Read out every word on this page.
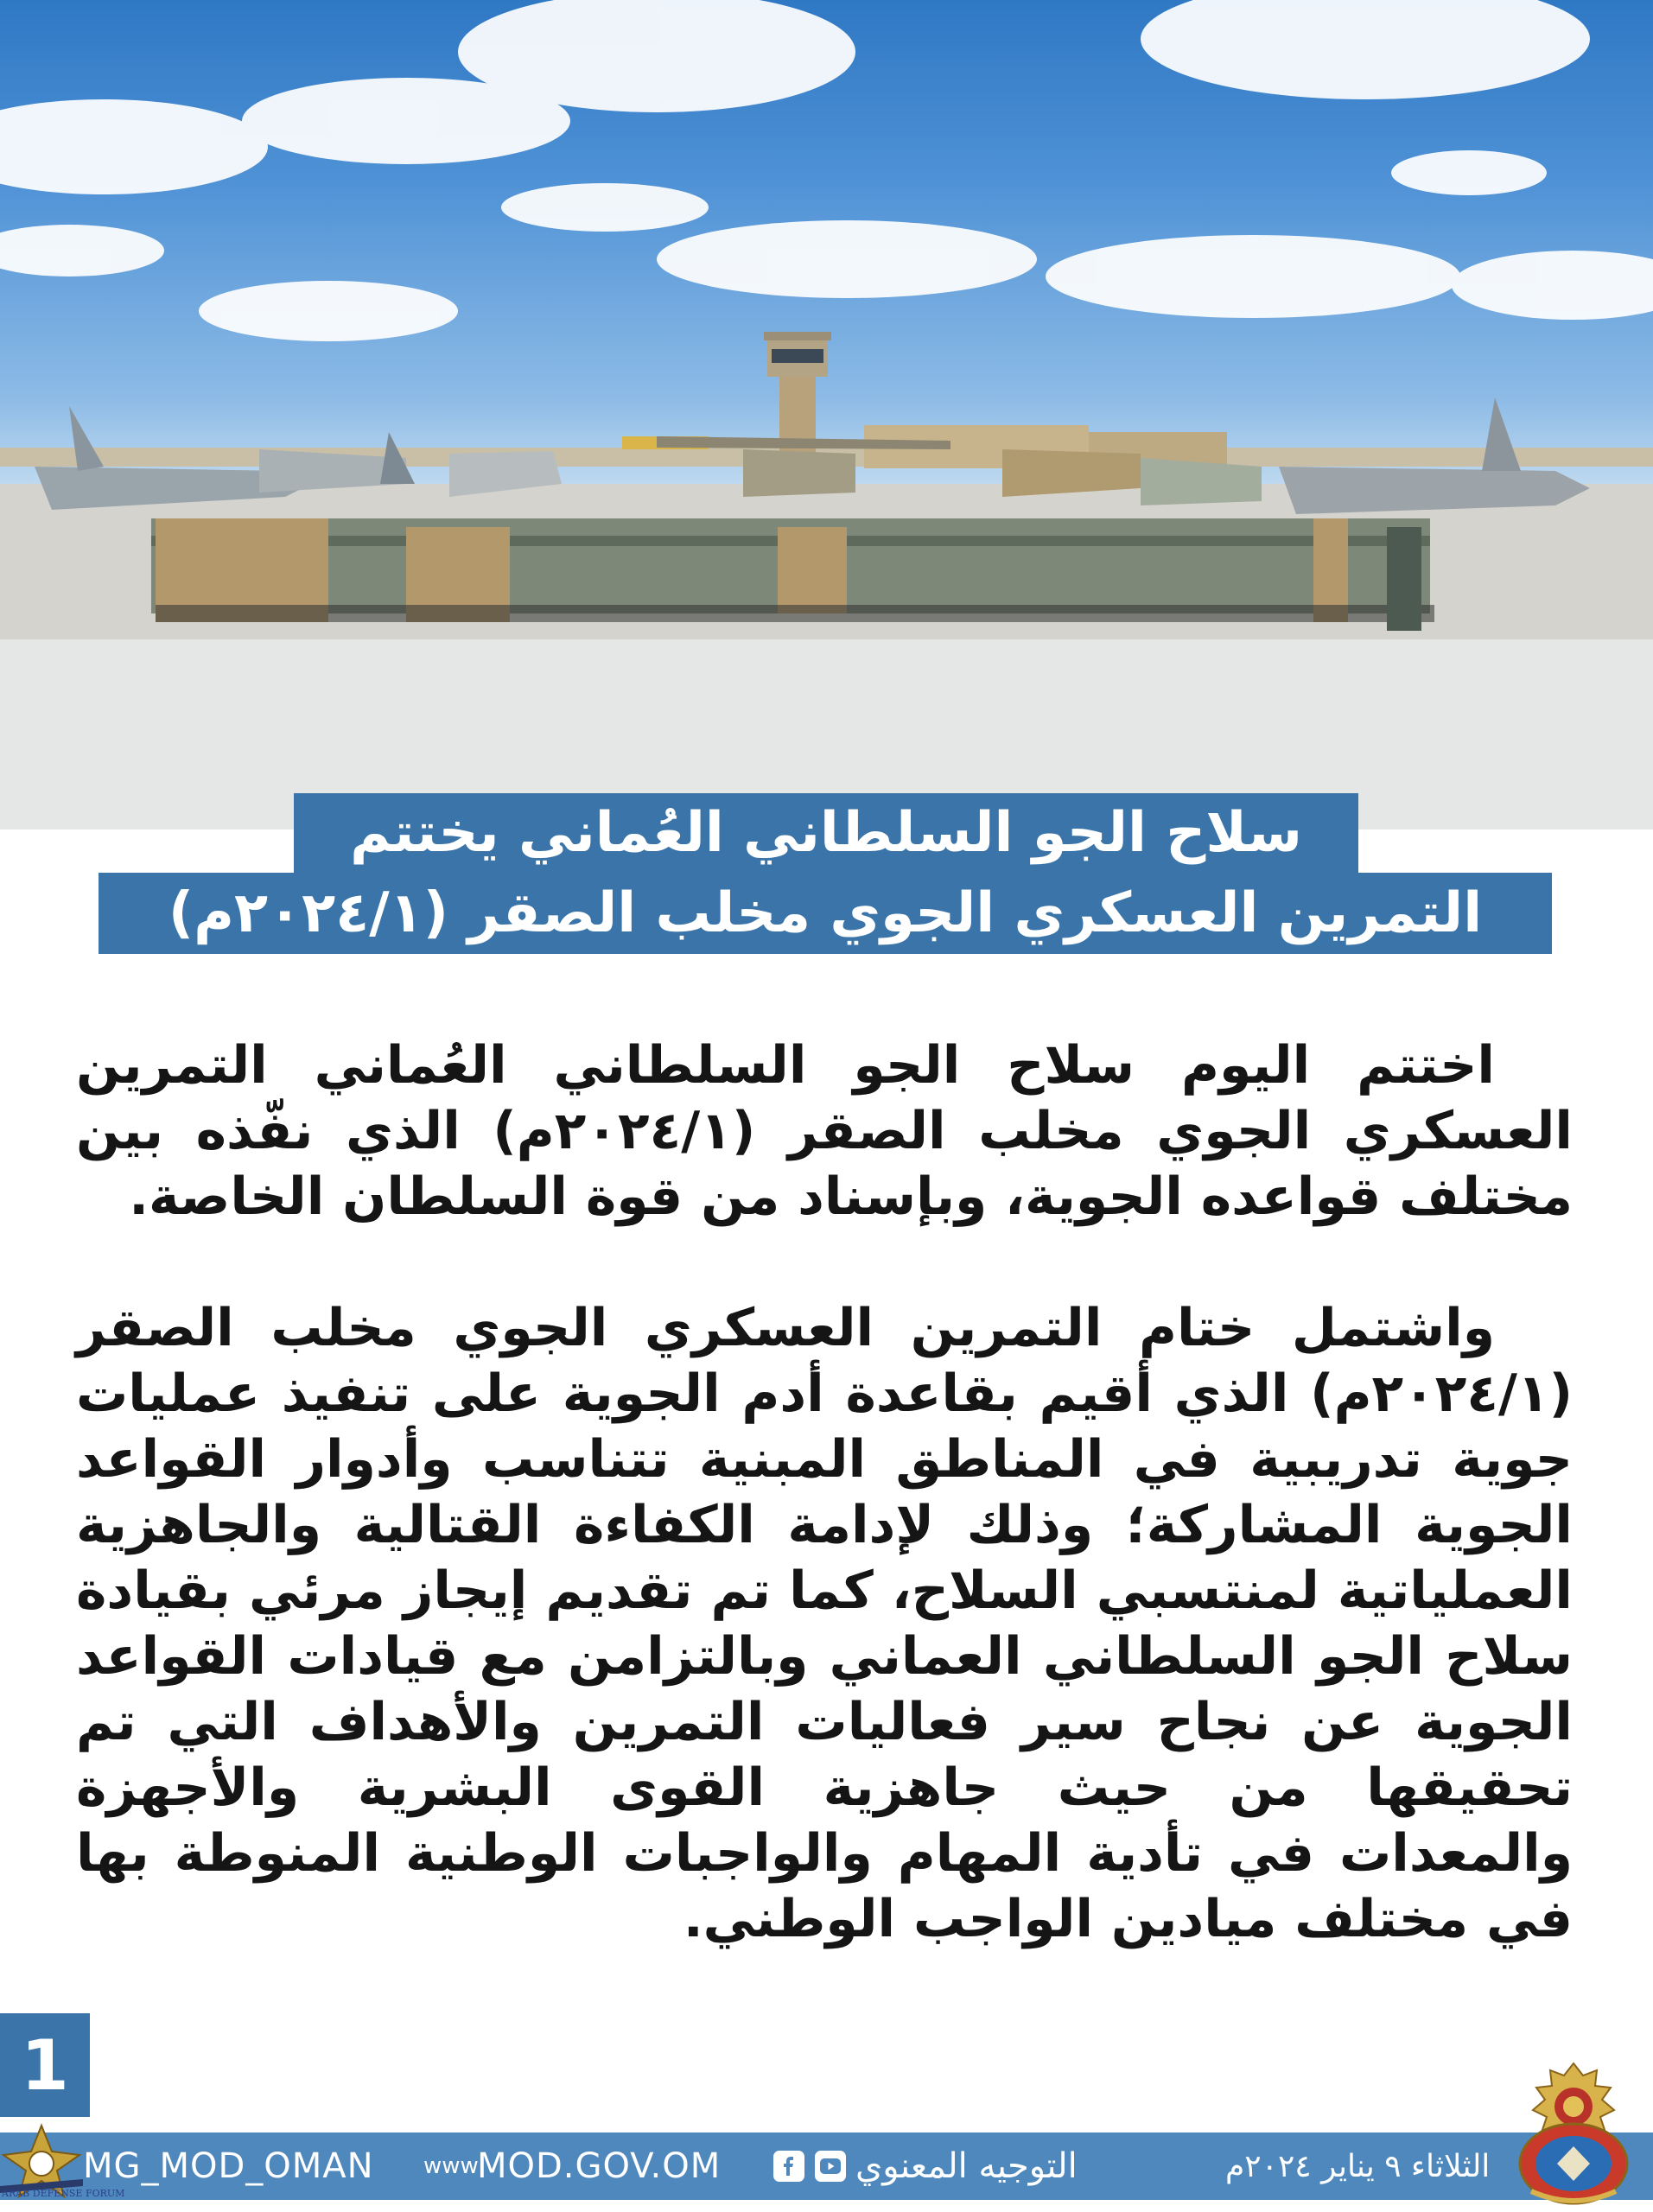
سلاح الجو السلطاني العُماني يختتم
التمرين العسكري الجوي مخلب الصقر (٢٠٢٤/١م)

اختتم اليوم سلاح الجو السلطاني العُماني التمرين العسكري الجوي مخلب الصقر (٢٠٢٤/١م) الذي نفّذه بين مختلف قواعده الجوية، وبإسناد من قوة السلطان الخاصة.

واشتمل ختام التمرين العسكري الجوي مخلب الصقر (٢٠٢٤/١م) الذي أقيم بقاعدة أدم الجوية على تنفيذ عمليات جوية تدريبية في المناطق المبنية تتناسب وأدوار القواعد الجوية المشاركة؛ وذلك لإدامة الكفاءة القتالية والجاهزية العملياتية لمنتسبي السلاح، كما تم تقديم إيجاز مرئي بقيادة سلاح الجو السلطاني العماني وبالتزامن مع قيادات القواعد الجوية عن نجاح سير فعاليات التمرين والأهداف التي تم تحقيقها من حيث جاهزية القوى البشرية والأجهزة والمعدات في تأدية المهام والواجبات الوطنية المنوطة بها في مختلف ميادين الواجب الوطني.

1
ARAB DEFENSE FORUM
MG_MOD_OMAN www
MOD.GOV.OM	التوجيه المعنوي	الثلاثاء ٩ يناير ٢٠٢٤م
